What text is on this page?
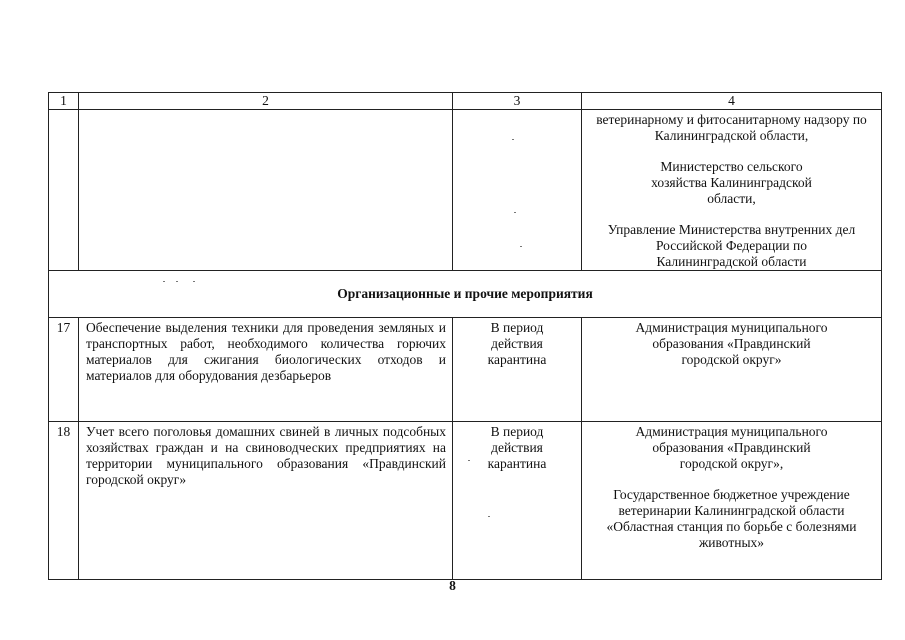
1	2	3	4

			ветеринарному и фитосанитарному надзору по Калининградской области,
Министерство сельского хозяйства Калининградской области,
Управление Министерства внутренних дел Российской Федерации по Калининградской области

Организационные и прочие мероприятия			
17	Обеспечение выделения техники для проведения земляных и транспортных работ, необходимого количества горючих материалов для сжигания биологических отходов и материалов для оборудования дезбарьеров	В период действия карантина	Администрация муниципального образования «Правдинский городской округ»

18	Учет всего поголовья домашних свиней в личных подсобных хозяйствах граждан и на свиноводческих предприятиях на территории муниципального образования «Правдинский городской округ»	В период действия карантина	Администрация муниципального образования «Правдинский городской округ»,
Государственное бюджетное учреждение ветеринарии Калининградской области «Областная станция по борьбе с болезнями животных»
8
